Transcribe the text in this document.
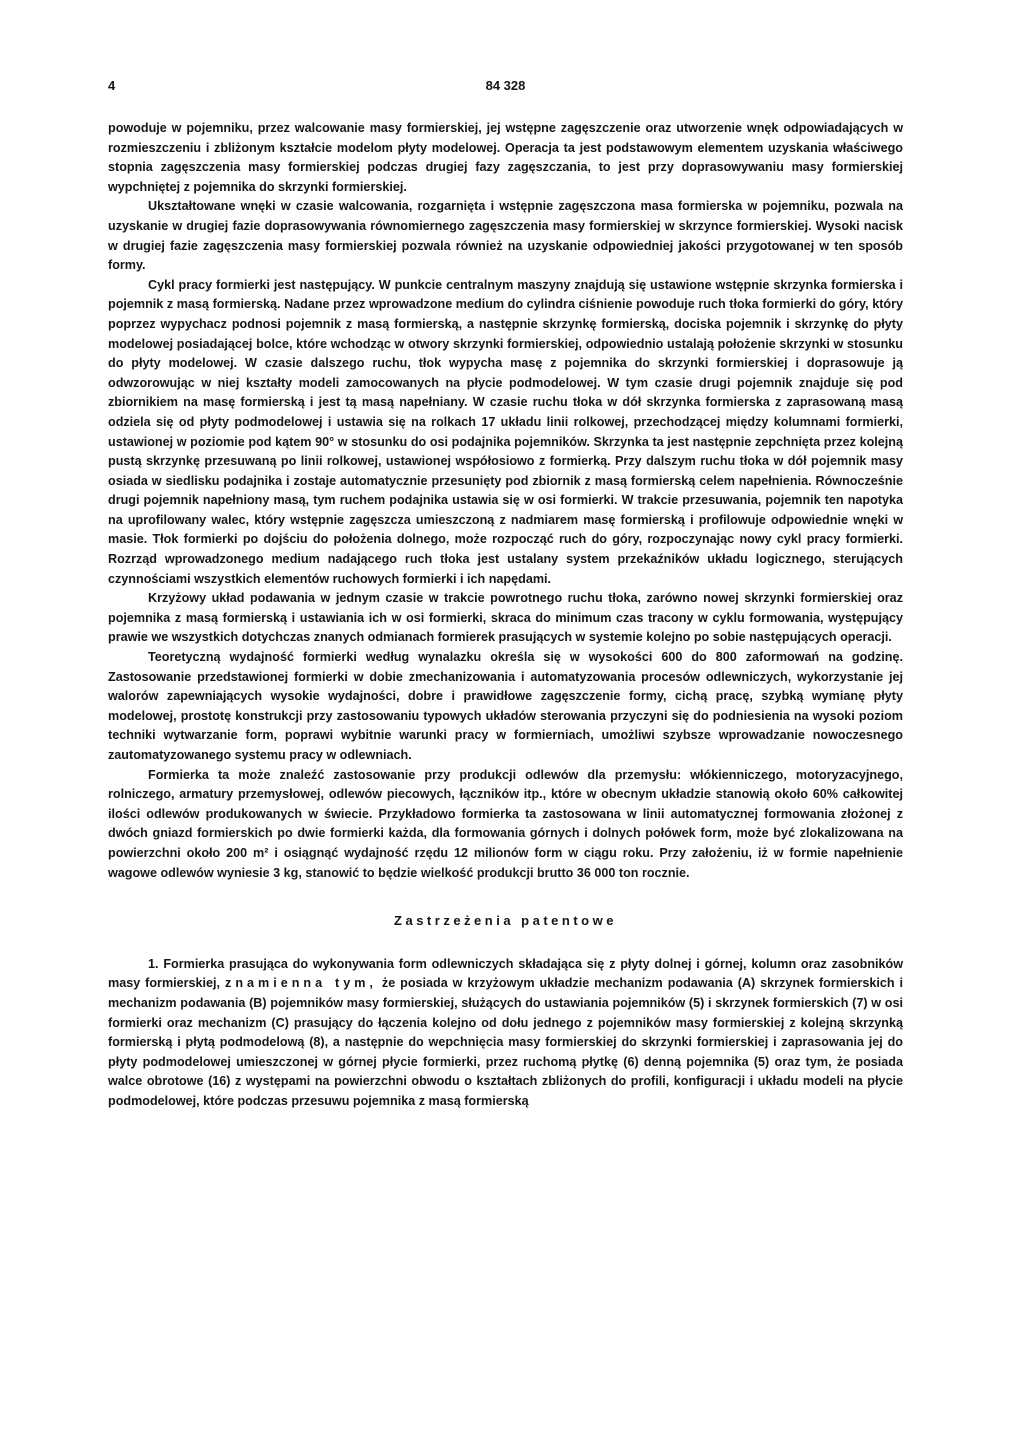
4	84 328

powoduje w pojemniku, przez walcowanie masy formierskiej, jej wstępne zagęszczenie oraz utworzenie wnęk odpowiadających w rozmieszczeniu i zbliżonym kształcie modelom płyty modelowej. Operacja ta jest podstawowym elementem uzyskania właściwego stopnia zagęszczenia masy formierskiej podczas drugiej fazy zagęszczania, to jest przy doprasowywaniu masy formierskiej wypchniętej z pojemnika do skrzynki formierskiej.

Ukształtowane wnęki w czasie walcowania, rozgarnięta i wstępnie zagęszczona masa formierska w pojemniku, pozwala na uzyskanie w drugiej fazie doprasowywania równomiernego zagęszczenia masy formierskiej w skrzynce formierskiej. Wysoki nacisk w drugiej fazie zagęszczenia masy formierskiej pozwala również na uzyskanie odpowiedniej jakości przygotowanej w ten sposób formy.

Cykl pracy formierki jest następujący. W punkcie centralnym maszyny znajdują się ustawione wstępnie skrzynka formierska i pojemnik z masą formierską. Nadane przez wprowadzone medium do cylindra ciśnienie powoduje ruch tłoka formierki do góry, który poprzez wypychacz podnosi pojemnik z masą formierską, a następnie skrzynkę formierską, dociska pojemnik i skrzynkę do płyty modelowej posiadającej bolce, które wchodząc w otwory skrzynki formierskiej, odpowiednio ustalają położenie skrzynki w stosunku do płyty modelowej. W czasie dalszego ruchu, tłok wypycha masę z pojemnika do skrzynki formierskiej i doprasowuje ją odwzorowując w niej kształty modeli zamocowanych na płycie podmodelowej. W tym czasie drugi pojemnik znajduje się pod zbiornikiem na masę formierską i jest tą masą napełniany. W czasie ruchu tłoka w dół skrzynka formierska z zaprasowaną masą odziela się od płyty podmodelowej i ustawia się na rolkach 17 układu linii rolkowej, przechodzącej między kolumnami formierki, ustawionej w poziomie pod kątem 90° w stosunku do osi podajnika pojemników. Skrzynka ta jest następnie zepchnięta przez kolejną pustą skrzynkę przesuwaną po linii rolkowej, ustawionej współosiowo z formierką. Przy dalszym ruchu tłoka w dół pojemnik masy osiada w siedlisku podajnika i zostaje automatycznie przesunięty pod zbiornik z masą formierską celem napełnienia. Równocześnie drugi pojemnik napełniony masą, tym ruchem podajnika ustawia się w osi formierki. W trakcie przesuwania, pojemnik ten napotyka na uprofilowany walec, który wstępnie zagęszcza umieszczoną z nadmiarem masę formierską i profilowuje odpowiednie wnęki w masie. Tłok formierki po dojściu do położenia dolnego, może rozpocząć ruch do góry, rozpoczynając nowy cykl pracy formierki. Rozrząd wprowadzonego medium nadającego ruch tłoka jest ustalany system przekaźników układu logicznego, sterujących czynnościami wszystkich elementów ruchowych formierki i ich napędami.

Krzyżowy układ podawania w jednym czasie w trakcie powrotnego ruchu tłoka, zarówno nowej skrzynki formierskiej oraz pojemnika z masą formierską i ustawiania ich w osi formierki, skraca do minimum czas tracony w cyklu formowania, występujący prawie we wszystkich dotychczas znanych odmianach formierek prasujących w systemie kolejno po sobie następujących operacji.

Teoretyczną wydajność formierki według wynalazku określa się w wysokości 600 do 800 zaformowań na godzinę. Zastosowanie przedstawionej formierki w dobie zmechanizowania i automatyzowania procesów odlewniczych, wykorzystanie jej walorów zapewniających wysokie wydajności, dobre i prawidłowe zagęszczenie formy, cichą pracę, szybką wymianę płyty modelowej, prostotę konstrukcji przy zastosowaniu typowych układów sterowania przyczyni się do podniesienia na wysoki poziom techniki wytwarzanie form, poprawi wybitnie warunki pracy w formierniach, umożliwi szybsze wprowadzanie nowoczesnego zautomatyzowanego systemu pracy w odlewniach.

Formierka ta może znaleźć zastosowanie przy produkcji odlewów dla przemysłu: włókienniczego, motoryzacyjnego, rolniczego, armatury przemysłowej, odlewów piecowych, łączników itp., które w obecnym układzie stanowią około 60% całkowitej ilości odlewów produkowanych w świecie. Przykładowo formierka ta zastosowana w linii automatycznej formowania złożonej z dwóch gniazd formierskich po dwie formierki każda, dla formowania górnych i dolnych połówek form, może być zlokalizowana na powierzchni około 200 m² i osiągnąć wydajność rzędu 12 milionów form w ciągu roku. Przy założeniu, iż w formie napełnienie wagowe odlewów wyniesie 3 kg, stanowić to będzie wielkość produkcji brutto 36 000 ton rocznie.

Zastrzeżenia patentowe

1. Formierka prasująca do wykonywania form odlewniczych składająca się z płyty dolnej i górnej, kolumn oraz zasobników masy formierskiej, znamienna tym, że posiada w krzyżowym układzie mechanizm podawania (A) skrzynek formierskich i mechanizm podawania (B) pojemników masy formierskiej, służących do ustawiania pojemników (5) i skrzynek formierskich (7) w osi formierki oraz mechanizm (C) prasujący do łączenia kolejno od dołu jednego z pojemników masy formierskiej z kolejną skrzynką formierską i płytą podmodelową (8), a następnie do wepchnięcia masy formierskiej do skrzynki formierskiej i zaprasowania jej do płyty podmodelowej umieszczonej w górnej płycie formierki, przez ruchomą płytkę (6) denną pojemnika (5) oraz tym, że posiada walce obrotowe (16) z występami na powierzchni obwodu o kształtach zbliżonych do profili, konfiguracji i układu modeli na płycie podmodelowej, które podczas przesuwu pojemnika z masą formierską
